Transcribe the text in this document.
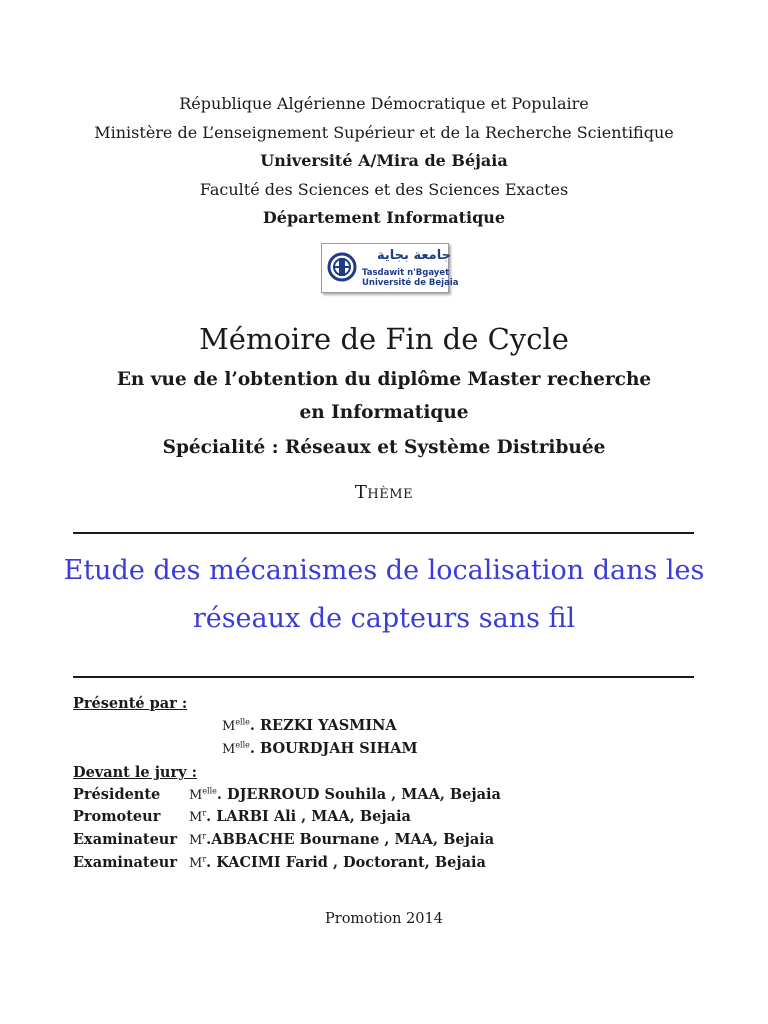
République Algérienne Démocratique et Populaire
Ministère de L’enseignement Supérieur et de la Recherche Scientifique
Université A/Mira de Béjaia
Faculté des Sciences et des Sciences Exactes
Département Informatique
جامعة بجاية
Tasdawit n'Bgayet
Université de Bejaia
Mémoire de Fin de Cycle
En vue de l’obtention du diplôme Master recherche
en Informatique
Spécialité : Réseaux et Système Distribuée
Thème
Etude des mécanismes de localisation dans les
réseaux de capteurs sans fil
Présenté par :
$M^{elle}$. REZKI YASMINA
$M^{elle}$. BOURDJAH SIHAM
Devant le jury :
Présidente $M^{elle}$. DJERROUD Souhila , MAA, Bejaia
Promoteur $M^r$. LARBI Ali , MAA, Bejaia
Examinateur $M^r.ABBACHE$ Bournane , MAA, Bejaia
Examinateur $M^r$. KACIMI Farid , Doctorant, Bejaia
Promotion 2014
